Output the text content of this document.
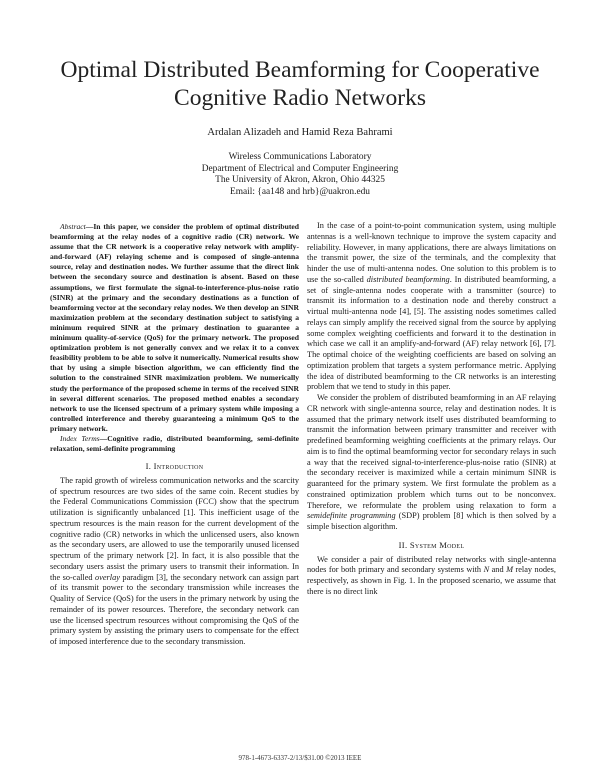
Optimal Distributed Beamforming for Cooperative
Cognitive Radio Networks
Ardalan Alizadeh and Hamid Reza Bahrami
Wireless Communications Laboratory
Department of Electrical and Computer Engineering
The University of Akron, Akron, Ohio 44325
Email: {aa148 and hrb}@uakron.edu

Abstract—In this paper, we consider the problem of optimal distributed beamforming at the relay nodes of a cognitive radio (CR) network. We assume that the CR network is a cooperative relay network with amplify-and-forward (AF) relaying scheme and is composed of single-antenna source, relay and destination nodes. We further assume that the direct link between the secondary source and destination is absent. Based on these assumptions, we first formulate the signal-to-interference-plus-noise ratio (SINR) at the primary and the secondary destinations as a function of beamforming vector at the secondary relay nodes. We then develop an SINR maximization problem at the secondary destination subject to satisfying a minimum required SINR at the primary destination to guarantee a minimum quality-of-service (QoS) for the primary network. The proposed optimization problem is not generally convex and we relax it to a convex feasibility problem to be able to solve it numerically. Numerical results show that by using a simple bisection algorithm, we can efficiently find the solution to the constrained SINR maximization problem. We numerically study the performance of the proposed scheme in terms of the received SINR in several different scenarios. The proposed method enables a secondary network to use the licensed spectrum of a primary system while imposing a controlled interference and thereby guaranteeing a minimum QoS to the primary network.

Index Terms—Cognitive radio, distributed beamforming, semi-definite relaxation, semi-definite programming

I. Introduction

The rapid growth of wireless communication networks and the scarcity of spectrum resources are two sides of the same coin. Recent studies by the Federal Communications Commission (FCC) show that the spectrum utilization is significantly unbalanced [1]. This inefficient usage of the spectrum resources is the main reason for the current development of the cognitive radio (CR) networks in which the unlicensed users, also known as the secondary users, are allowed to use the temporarily unused licensed spectrum of the primary network [2]. In fact, it is also possible that the secondary users assist the primary users to transmit their information. In the so-called overlay paradigm [3], the secondary network can assign part of its transmit power to the secondary transmission while increases the Quality of Service (QoS) for the users in the primary network by using the remainder of its power resources. Therefore, the secondary network can use the licensed spectrum resources without compromising the QoS of the primary system by assisting the primary users to compensate for the effect of imposed interference due to the secondary transmission.

In the case of a point-to-point communication system, using multiple antennas is a well-known technique to improve the system capacity and reliability. However, in many applications, there are always limitations on the transmit power, the size of the terminals, and the complexity that hinder the use of multi-antenna nodes. One solution to this problem is to use the so-called distributed beamforming. In distributed beamforming, a set of single-antenna nodes cooperate with a transmitter (source) to transmit its information to a destination node and thereby construct a virtual multi-antenna node [4], [5]. The assisting nodes sometimes called relays can simply amplify the received signal from the source by applying some complex weighting coefficients and forward it to the destination in which case we call it an amplify-and-forward (AF) relay network [6], [7]. The optimal choice of the weighting coefficients are based on solving an optimization problem that targets a system performance metric. Applying the idea of distributed beamforming to the CR networks is an interesting problem that we tend to study in this paper.

We consider the problem of distributed beamforming in an AF relaying CR network with single-antenna source, relay and destination nodes. It is assumed that the primary network itself uses distributed beamforming to transmit the information between primary transmitter and receiver with predefined beamforming weighting coefficients at the primary relays. Our aim is to find the optimal beamforming vector for secondary relays in such a way that the received signal-to-interference-plus-noise ratio (SINR) at the secondary receiver is maximized while a certain minimum SINR is guaranteed for the primary system. We first formulate the problem as a constrained optimization problem which turns out to be nonconvex. Therefore, we reformulate the problem using relaxation to form a semidefinite programming (SDP) problem [8] which is then solved by a simple bisection algorithm.

II. System Model

We consider a pair of distributed relay networks with single-antenna nodes for both primary and secondary systems with N and M relay nodes, respectively, as shown in Fig. 1. In the proposed scenario, we assume that there is no direct link

978-1-4673-6337-2/13/$31.00 ©2013 IEEE
